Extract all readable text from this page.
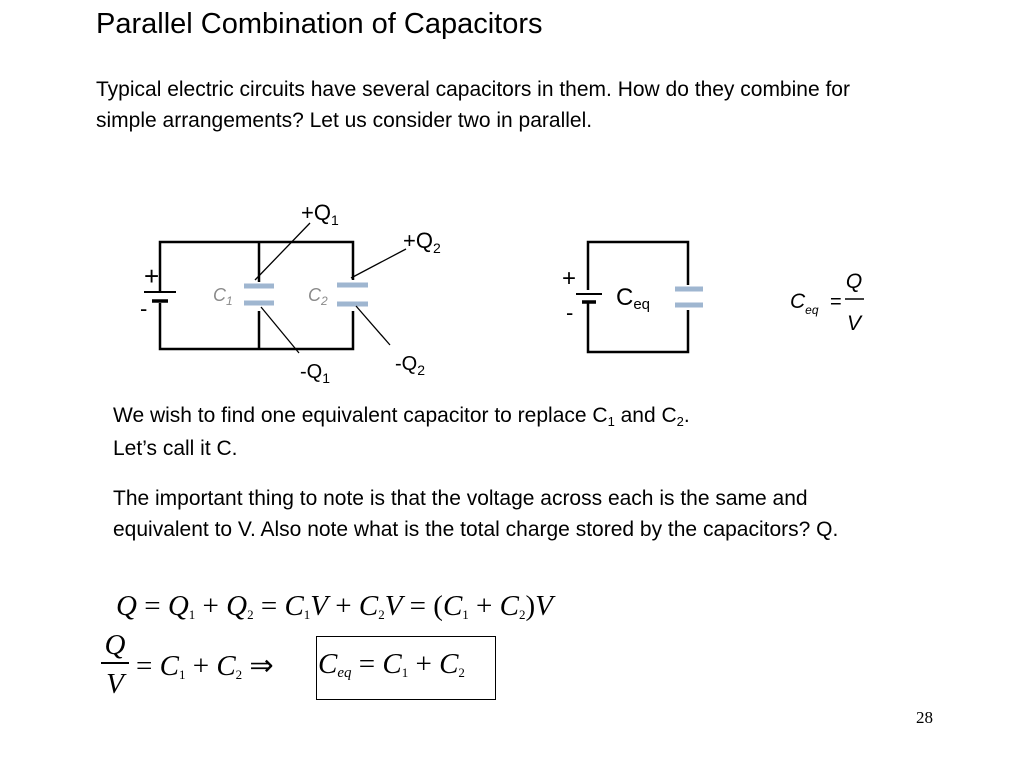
Parallel Combination of Capacitors
Typical electric circuits have several capacitors in them. How do they combine for simple arrangements? Let us consider two in parallel.
+
-
$C_1$	$C_2$
$+Q_1$
$+Q_2$
$-Q_1$
$-Q_2$
+
-
Ceq	$C_{eq}$
Q
V
=
We wish to find one equivalent capacitor to replace C1 and C2.
Let’s call it C.
The important thing to note is that the voltage across each is the same and equivalent to V. Also note what is the total charge stored by the capacitors? Q.
Q = Q1 + Q2 = C1V + C2V = (C1 + C2)V
Q
V
= C1 + C2 ⇒ Ceq = C1 + C2
28
